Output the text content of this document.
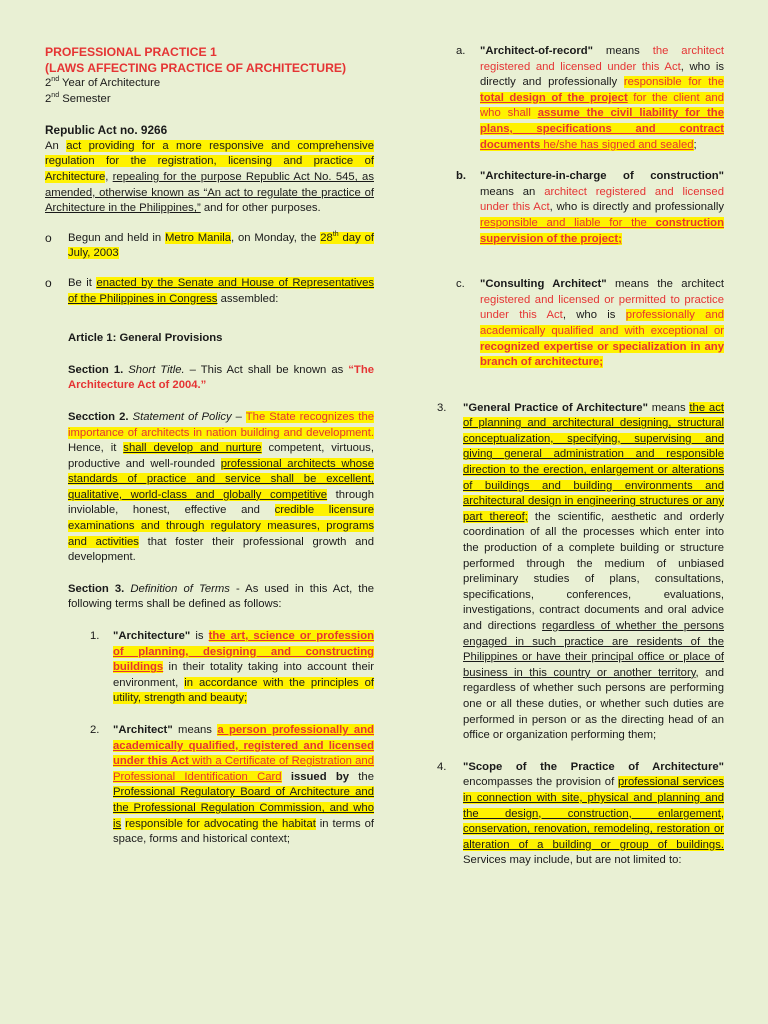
PROFESSIONAL PRACTICE 1
(LAWS AFFECTING PRACTICE OF ARCHITECTURE)
2nd Year of Architecture
2nd Semester

Republic Act no. 9266

An act providing for a more responsive and comprehensive regulation for the registration, licensing and practice of Architecture, repealing for the purpose Republic Act No. 545, as amended, otherwise known as “An act to regulate the practice of Architecture in the Philippines,” and for other purposes.

o Begun and held in Metro Manila, on Monday, the 28th day of July, 2003
o Be it enacted by the Senate and House of Representatives of the Philippines in Congress assembled:

Article 1: General Provisions

Section 1. Short Title. – This Act shall be known as “The Architecture Act of 2004.”

Secction 2. Statement of Policy – The State recognizes the importance of architects in nation building and development. Hence, it shall develop and nurture competent, virtuous, productive and well-rounded professional architects whose standards of practice and service shall be excellent, qualitative, world-class and globally competitive through inviolable, honest, effective and credible licensure examinations and through regulatory measures, programs and activities that foster their professional growth and development.

Section 3. Definition of Terms - As used in this Act, the following terms shall be defined as follows:

1. "Architecture" is the art, science or profession of planning, designing and constructing buildings in their totality taking into account their environment, in accordance with the principles of utility, strength and beauty;
2. "Architect" means a person professionally and academically qualified, registered and licensed under this Act with a Certificate of Registration and Professional Identification Card issued by the Professional Regulatory Board of Architecture and the Professional Regulation Commission, and who is responsible for advocating the habitat in terms of space, forms and historical context;
a. "Architect-of-record" means the architect registered and licensed under this Act, who is directly and professionally responsible for the total design of the project for the client and who shall assume the civil liability for the plans, specifications and contract documents he/she has signed and sealed;
b. "Architecture-in-charge of construction" means an architect registered and licensed under this Act, who is directly and professionally responsible and liable for the construction supervision of the project;
c. "Consulting Architect" means the architect registered and licensed or permitted to practice under this Act, who is professionally and academically qualified and with exceptional or recognized expertise or specialization in any branch of architecture;
3. "General Practice of Architecture" means the act of planning and architectural designing, structural conceptualization, specifying, supervising and giving general administration and responsible direction to the erection, enlargement or alterations of buildings and building environments and architectural design in engineering structures or any part thereof; the scientific, aesthetic and orderly coordination of all the processes which enter into the production of a complete building or structure performed through the medium of unbiased preliminary studies of plans, consultations, specifications, conferences, evaluations, investigations, contract documents and oral advice and directions regardless of whether the persons engaged in such practice are residents of the Philippines or have their principal office or place of business in this country or another territory, and regardless of whether such persons are performing one or all these duties, or whether such duties are performed in person or as the directing head of an office or organization performing them;
4. "Scope of the Practice of Architecture" encompasses the provision of professional services in connection with site, physical and planning and the design, construction, enlargement, conservation, renovation, remodeling, restoration or alteration of a building or group of buildings. Services may include, but are not limited to:
